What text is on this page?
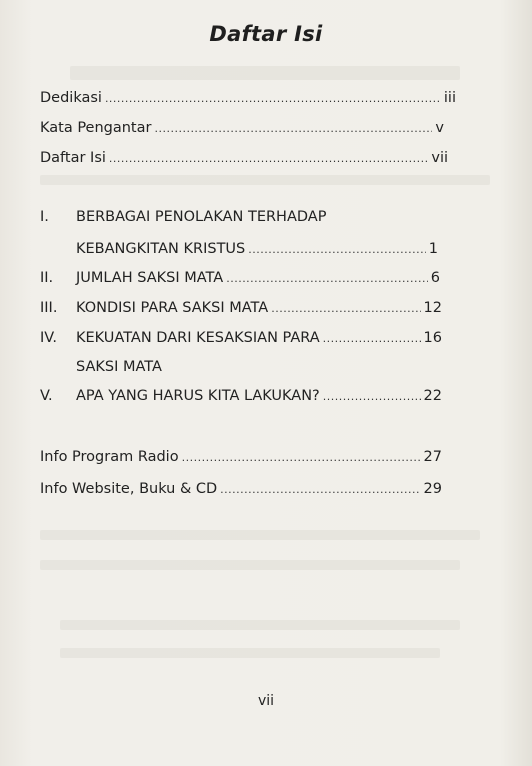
Daftar Isi
Dedikasi .....	iii
Kata Pengantar .....	v
Daftar Isi .....	vii
I. BERBAGAI PENOLAKAN TERHADAP
KEBANGKITAN KRISTUS .....	1
II. JUMLAH SAKSI MATA .....	6
III. KONDISI PARA SAKSI MATA .....	12
IV. KEKUATAN DARI KESAKSIAN PARA .....	16
SAKSI MATA
V. APA YANG HARUS KITA LAKUKAN? .....	22
Info Program Radio .....	27
Info Website, Buku & CD .....	29
vii
